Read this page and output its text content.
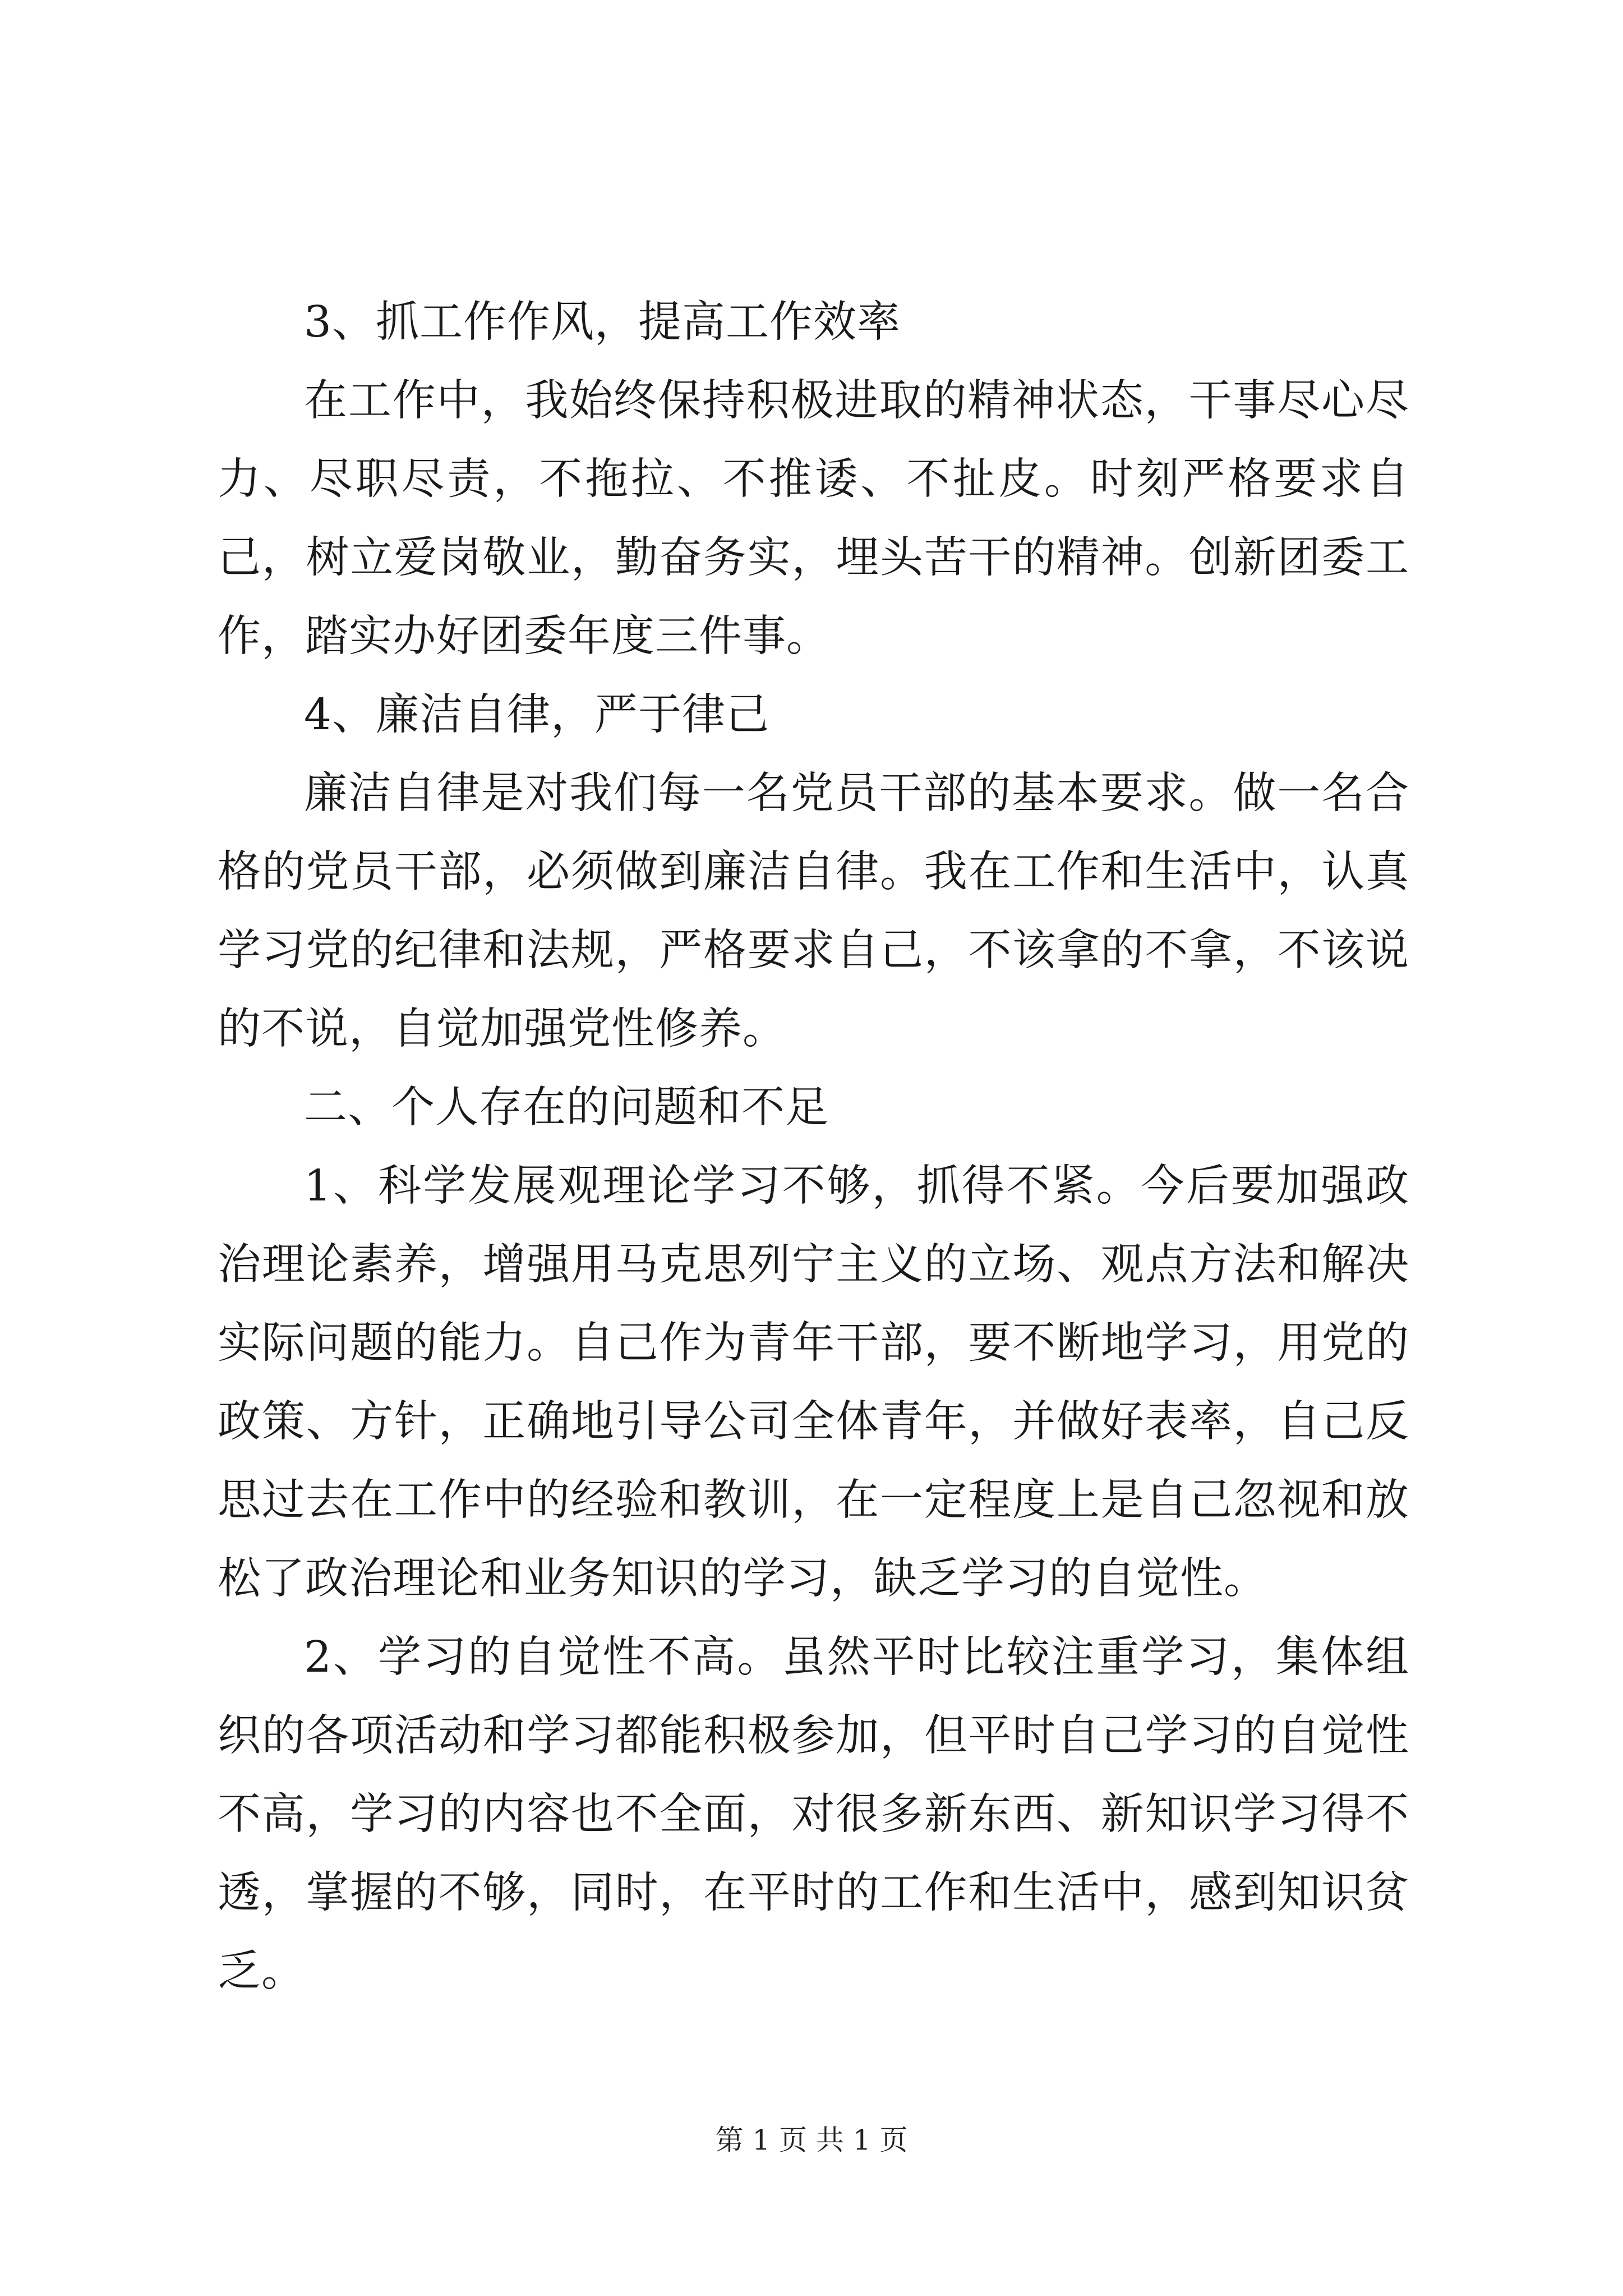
3、抓工作作风，提高工作效率

在工作中，我始终保持积极进取的精神状态，干事尽心尽力、尽职尽责，不拖拉、不推诿、不扯皮。时刻严格要求自己，树立爱岗敬业，勤奋务实，埋头苦干的精神。创新团委工作，踏实办好团委年度三件事。

4、廉洁自律，严于律己

廉洁自律是对我们每一名党员干部的基本要求。做一名合格的党员干部，必须做到廉洁自律。我在工作和生活中，认真学习党的纪律和法规，严格要求自己，不该拿的不拿，不该说的不说，自觉加强党性修养。

二、个人存在的问题和不足

1、科学发展观理论学习不够，抓得不紧。今后要加强政治理论素养，增强用马克思列宁主义的立场、观点方法和解决实际问题的能力。自己作为青年干部，要不断地学习，用党的政策、方针，正确地引导公司全体青年，并做好表率，自己反思过去在工作中的经验和教训，在一定程度上是自己忽视和放松了政治理论和业务知识的学习，缺乏学习的自觉性。

2、学习的自觉性不高。虽然平时比较注重学习，集体组织的各项活动和学习都能积极参加，但平时自己学习的自觉性不高，学习的内容也不全面，对很多新东西、新知识学习得不透，掌握的不够，同时，在平时的工作和生活中，感到知识贫乏。

第 1 页 共 1 页
